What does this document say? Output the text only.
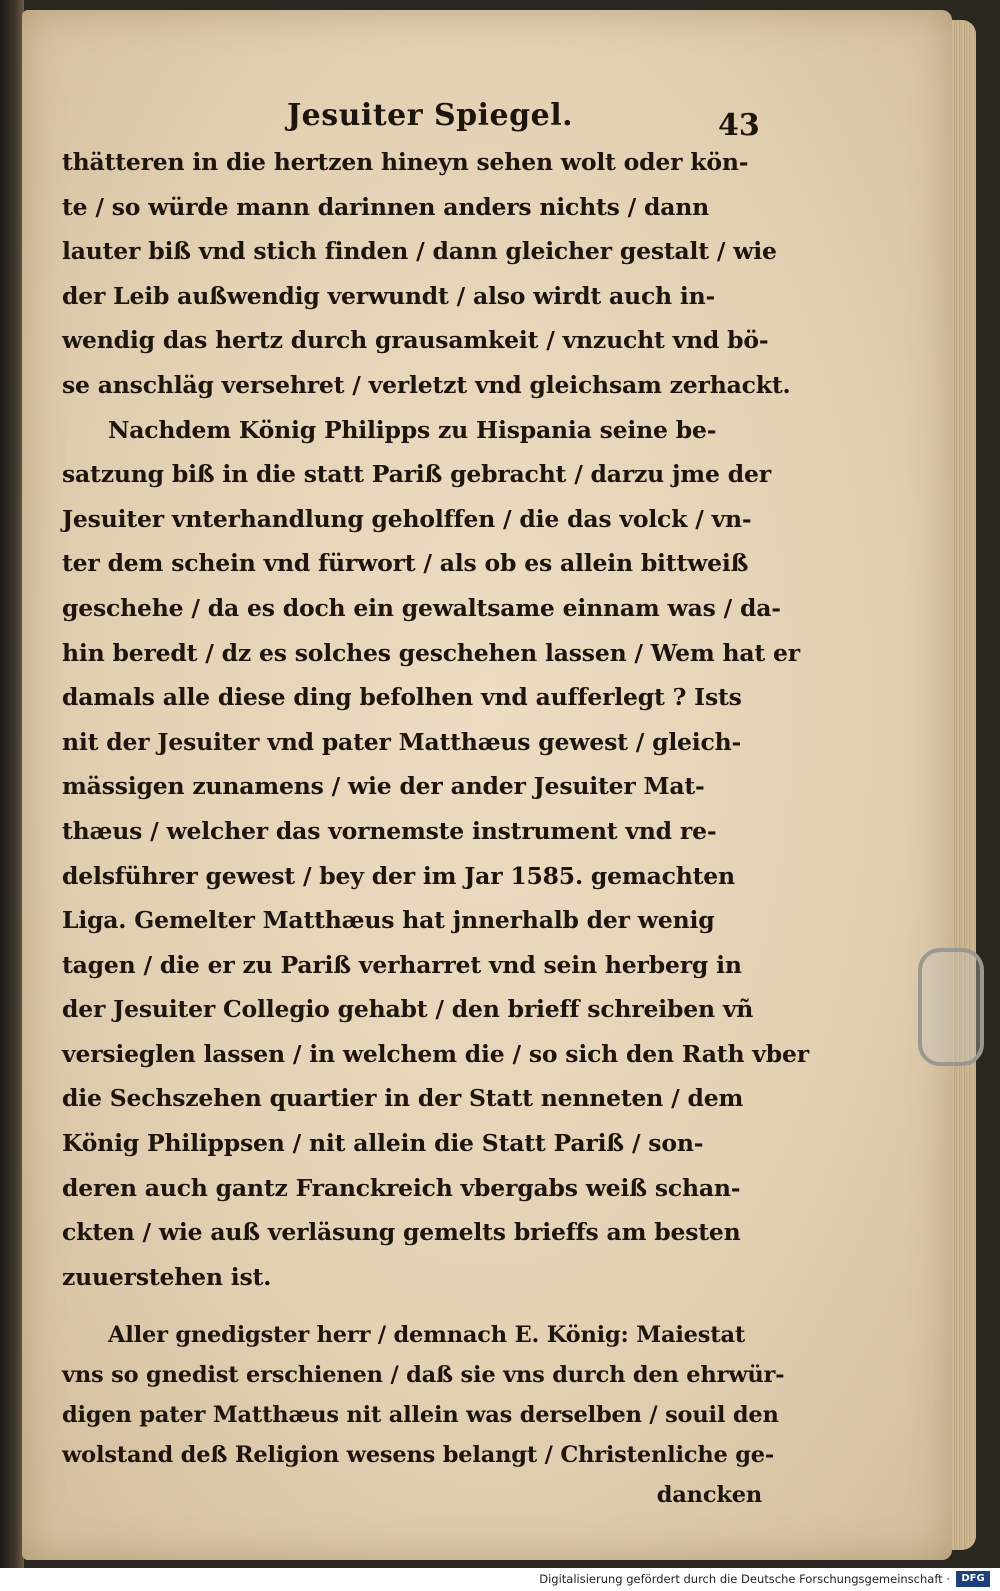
Jesuiter Spiegel.	43
thätteren in die hertzen hineyn sehen wolt oder kön-
te / so würde mann darinnen anders nichts / dann
lauter biß vnd stich finden / dann gleicher gestalt / wie
der Leib außwendig verwundt / also wirdt auch in-
wendig das hertz durch grausamkeit / vnzucht vnd bö-
se anschläg versehret / verletzt vnd gleichsam zerhackt.
Nachdem König Philipps zu Hispania seine be-
satzung biß in die statt Pariß gebracht / darzu jme der
Jesuiter vnterhandlung geholffen / die das volck / vn-
ter dem schein vnd fürwort / als ob es allein bittweiß
geschehe / da es doch ein gewaltsame einnam was / da-
hin beredt / dz es solches geschehen lassen / Wem hat er
damals alle diese ding befolhen vnd aufferlegt ? Ists
nit der Jesuiter vnd pater Matthæus gewest / gleich-
mässigen zunamens / wie der ander Jesuiter Mat-
thæus / welcher das vornemste instrument vnd re-
delsführer gewest / bey der im Jar 1585. gemachten
Liga. Gemelter Matthæus hat jnnerhalb der wenig
tagen / die er zu Pariß verharret vnd sein herberg in
der Jesuiter Collegio gehabt / den brieff schreiben vñ
versieglen lassen / in welchem die / so sich den Rath vber
die Sechszehen quartier in der Statt nenneten / dem
König Philippsen / nit allein die Statt Pariß / son-
deren auch gantz Franckreich vbergabs weiß schan-
ckten / wie auß verläsung gemelts brieffs am besten
zuuerstehen ist.
Aller gnedigster herr / demnach E. König: Maiestat
vns so gnedist erschienen / daß sie vns durch den ehrwür-
digen pater Matthæus nit allein was derselben / souil den
wolstand deß Religion wesens belangt / Christenliche ge-
dancken
Digitalisierung gefördert durch die Deutsche Forschungsgemeinschaft ·	DFG
